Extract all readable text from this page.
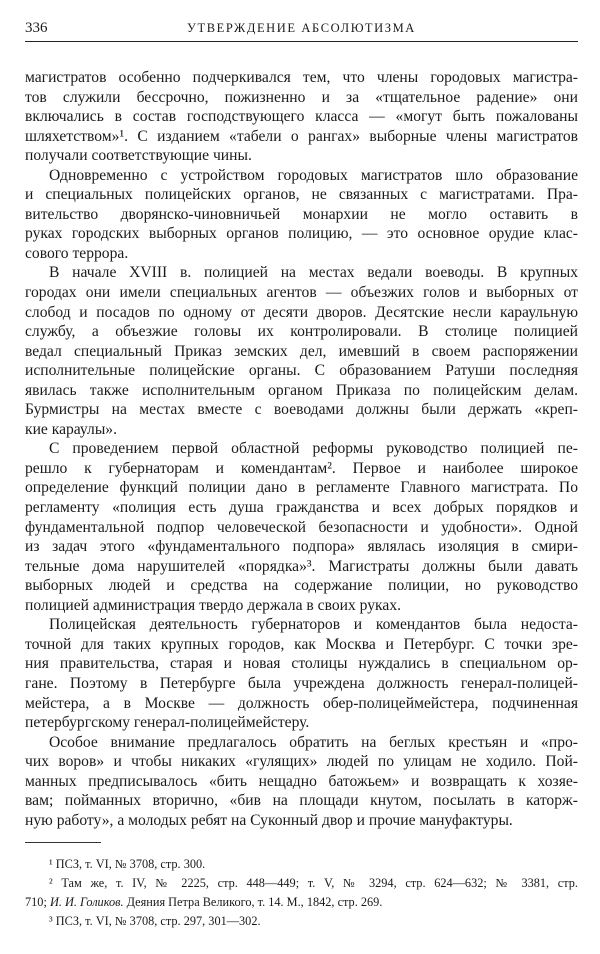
336	УТВЕРЖДЕНИЕ АБСОЛЮТИЗМА
магистратов особенно подчеркивался тем, что члены городовых магистра-
тов служили бессрочно, пожизненно и за «тщательное радение» они
включались в состав господствующего класса — «могут быть пожалованы
шляхетством»¹. С изданием «табели о рангах» выборные члены магистратов
получали соответствующие чины.
Одновременно с устройством городовых магистратов шло образование
и специальных полицейских органов, не связанных с магистратами. Пра-
вительство дворянско-чиновничьей монархии не могло оставить в
руках городских выборных органов полицию, — это основное орудие клас-
сового террора.
В начале XVIII в. полицией на местах ведали воеводы. В крупных
городах они имели специальных агентов — объезжих голов и выборных от
слобод и посадов по одному от десяти дворов. Десятские несли караульную
службу, а объезжие головы их контролировали. В столице полицией
ведал специальный Приказ земских дел, имевший в своем распоряжении
исполнительные полицейские органы. С образованием Ратуши последняя
явилась также исполнительным органом Приказа по полицейским делам.
Бурмистры на местах вместе с воеводами должны были держать «креп-
кие караулы».
С проведением первой областной реформы руководство полицией пе-
решло к губернаторам и комендантам². Первое и наиболее широкое
определение функций полиции дано в регламенте Главного магистрата. По
регламенту «полиция есть душа гражданства и всех добрых порядков и
фундаментальной подпор человеческой безопасности и удобности». Одной
из задач этого «фундаментального подпора» являлась изоляция в смири-
тельные дома нарушителей «порядка»³. Магистраты должны были давать
выборных людей и средства на содержание полиции, но руководство
полицией администрация твердо держала в своих руках.
Полицейская деятельность губернаторов и комендантов была недоста-
точной для таких крупных городов, как Москва и Петербург. С точки зре-
ния правительства, старая и новая столицы нуждались в специальном ор-
гане. Поэтому в Петербурге была учреждена должность генерал-полицей-
мейстера, а в Москве — должность обер-полицеймейстера, подчиненная
петербургскому генерал-полицеймейстеру.
Особое внимание предлагалось обратить на беглых крестьян и «про-
чих воров» и чтобы никаких «гулящих» людей по улицам не ходило. Пой-
манных предписывалось «бить нещадно батожьем» и возвращать к хозяе-
вам; пойманных вторично, «бив на площади кнутом, посылать в каторж-
ную работу», а молодых ребят на Суконный двор и прочие мануфактуры.
¹ ПСЗ, т. VI, № 3708, стр. 300.
² Там же, т. IV, № 2225, стр. 448—449; т. V, № 3294, стр. 624—632; № 3381, стр.
710; И. И. Голиков. Деяния Петра Великого, т. 14. М., 1842, стр. 269.
³ ПСЗ, т. VI, № 3708, стр. 297, 301—302.
